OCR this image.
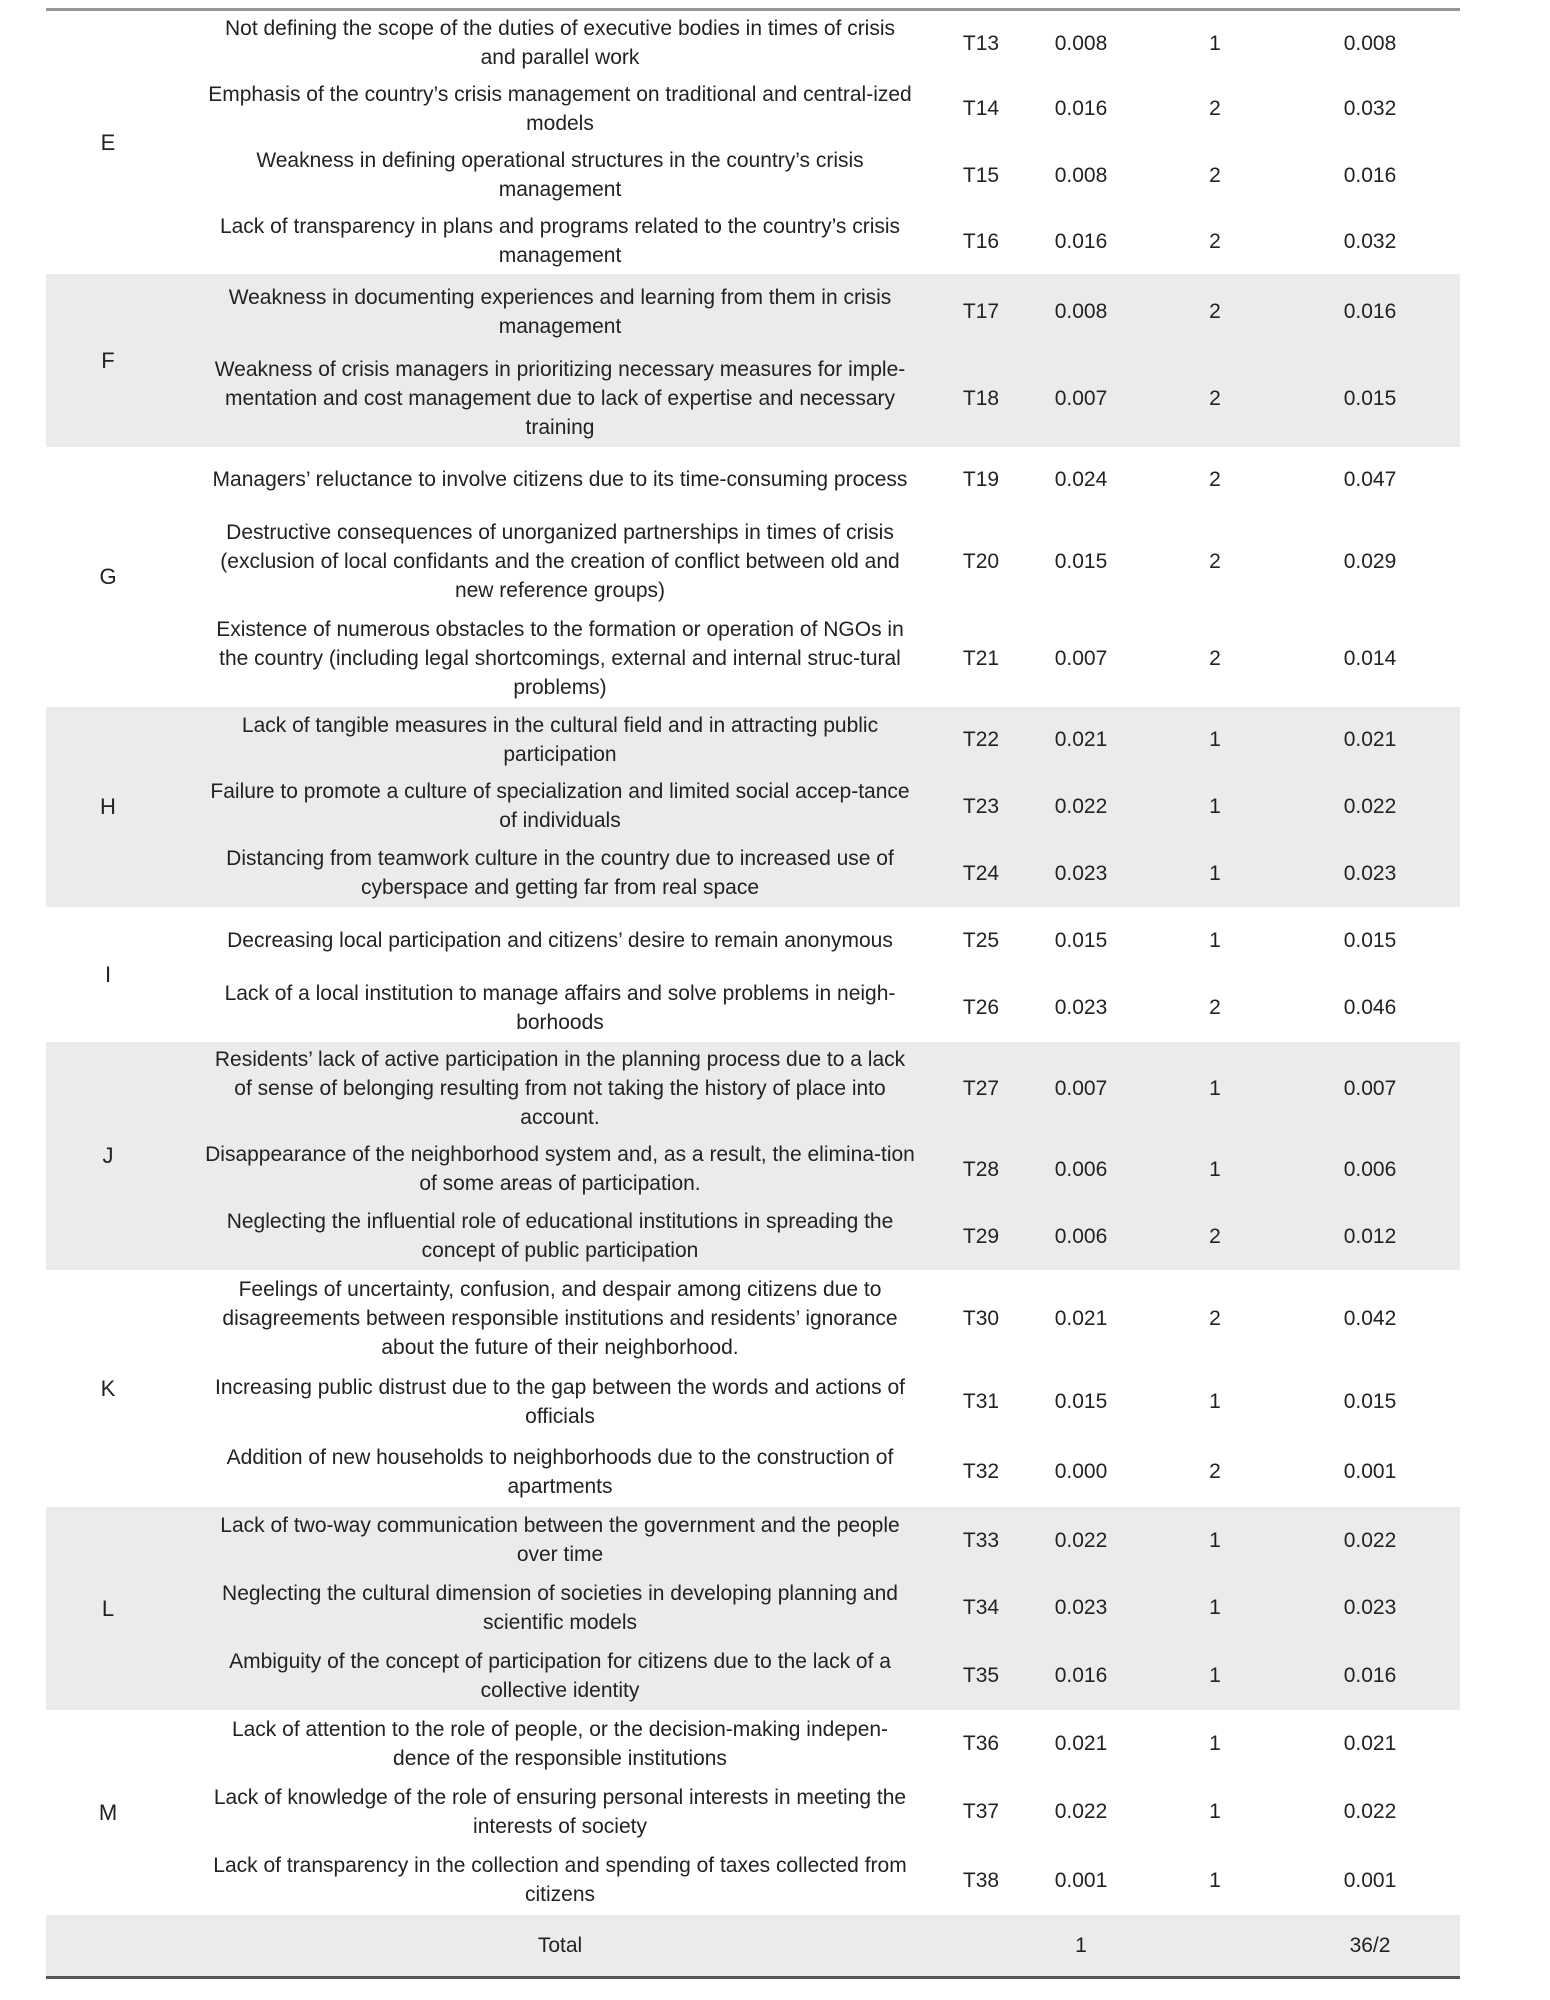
E	Not defining the scope of the duties of executive bodies in times of crisis and parallel work	T13	0.008	1	0.008

	Emphasis of the country’s crisis management on traditional and central-ized models	T14	0.016	2	0.032

	Weakness in defining operational structures in the country’s crisis management	T15	0.008	2	0.016

	Lack of transparency in plans and programs related to the country’s crisis management	T16	0.016	2	0.032
F	Weakness in documenting experiences and learning from them in crisis management	T17	0.008	2	0.016

	Weakness of crisis managers in prioritizing necessary measures for imple-mentation and cost management due to lack of expertise and necessary training	T18	0.007	2	0.015
G	Managers’ reluctance to involve citizens due to its time-consuming process	T19	0.024	2	0.047

	Destructive consequences of unorganized partnerships in times of crisis (exclusion of local confidants and the creation of conflict between old and new reference groups)	T20	0.015	2	0.029

	Existence of numerous obstacles to the formation or operation of NGOs in the country (including legal shortcomings, external and internal struc-tural problems)	T21	0.007	2	0.014
H	Lack of tangible measures in the cultural field and in attracting public participation	T22	0.021	1	0.021

	Failure to promote a culture of specialization and limited social accep-tance of individuals	T23	0.022	1	0.022

	Distancing from teamwork culture in the country due to increased use of cyberspace and getting far from real space	T24	0.023	1	0.023
I	Decreasing local participation and citizens’ desire to remain anonymous	T25	0.015	1	0.015

	Lack of a local institution to manage affairs and solve problems in neigh-borhoods	T26	0.023	2	0.046
J	Residents’ lack of active participation in the planning process due to a lack of sense of belonging resulting from not taking the history of place into account.	T27	0.007	1	0.007

	Disappearance of the neighborhood system and, as a result, the elimina-tion of some areas of participation.	T28	0.006	1	0.006

	Neglecting the influential role of educational institutions in spreading the concept of public participation	T29	0.006	2	0.012
K	Feelings of uncertainty, confusion, and despair among citizens due to disagreements between responsible institutions and residents’ ignorance about the future of their neighborhood.	T30	0.021	2	0.042

	Increasing public distrust due to the gap between the words and actions of officials	T31	0.015	1	0.015

	Addition of new households to neighborhoods due to the construction of apartments	T32	0.000	2	0.001
L	Lack of two-way communication between the government and the people over time	T33	0.022	1	0.022

	Neglecting the cultural dimension of societies in developing planning and scientific models	T34	0.023	1	0.023

	Ambiguity of the concept of participation for citizens due to the lack of a collective identity	T35	0.016	1	0.016
M	Lack of attention to the role of people, or the decision-making indepen-dence of the responsible institutions	T36	0.021	1	0.021

	Lack of knowledge of the role of ensuring personal interests in meeting the interests of society	T37	0.022	1	0.022

	Lack of transparency in the collection and spending of taxes collected from citizens	T38	0.001	1	0.001
	Total		1		36/2
